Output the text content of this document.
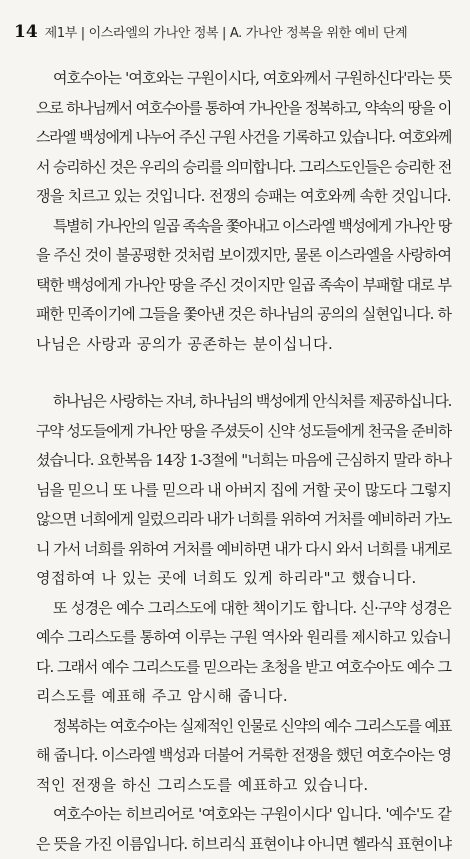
14 제1부 | 이스라엘의 가나안 정복 | A. 가나안 정복을 위한 예비 단계
여호수아는 '여호와는 구원이시다, 여호와께서 구원하신다'라는 뜻
으로 하나님께서 여호수아를 통하여 가나안을 정복하고, 약속의 땅을 이
스라엘 백성에게 나누어 주신 구원 사건을 기록하고 있습니다. 여호와께
서 승리하신 것은 우리의 승리를 의미합니다. 그리스도인들은 승리한 전
쟁을 치르고 있는 것입니다. 전쟁의 승패는 여호와께 속한 것입니다.
특별히 가나안의 일곱 족속을 쫓아내고 이스라엘 백성에게 가나안 땅
을 주신 것이 불공평한 것처럼 보이겠지만, 물론 이스라엘을 사랑하여
택한 백성에게 가나안 땅을 주신 것이지만 일곱 족속이 부패할 대로 부
패한 민족이기에 그들을 쫓아낸 것은 하나님의 공의의 실현입니다. 하
나님은 사랑과 공의가 공존하는 분이십니다.
하나님은 사랑하는 자녀, 하나님의 백성에게 안식처를 제공하십니다.
구약 성도들에게 가나안 땅을 주셨듯이 신약 성도들에게 천국을 준비하
셨습니다. 요한복음 14장 1-3절에 "너희는 마음에 근심하지 말라 하나
님을 믿으니 또 나를 믿으라 내 아버지 집에 거할 곳이 많도다 그렇지
않으면 너희에게 일렀으리라 내가 너희를 위하여 거처를 예비하러 가노
니 가서 너희를 위하여 거처를 예비하면 내가 다시 와서 너희를 내게로
영접하여 나 있는 곳에 너희도 있게 하리라"고 했습니다.
또 성경은 예수 그리스도에 대한 책이기도 합니다. 신·구약 성경은
예수 그리스도를 통하여 이루는 구원 역사와 원리를 제시하고 있습니
다. 그래서 예수 그리스도를 믿으라는 초청을 받고 여호수아도 예수 그
리스도를 예표해 주고 암시해 줍니다.
정복하는 여호수아는 실제적인 인물로 신약의 예수 그리스도를 예표
해 줍니다. 이스라엘 백성과 더불어 거룩한 전쟁을 했던 여호수아는 영
적인 전쟁을 하신 그리스도를 예표하고 있습니다.
여호수아는 히브리어로 '여호와는 구원이시다' 입니다. '예수'도 같
은 뜻을 가진 이름입니다. 히브리식 표현이냐 아니면 헬라식 표현이냐
